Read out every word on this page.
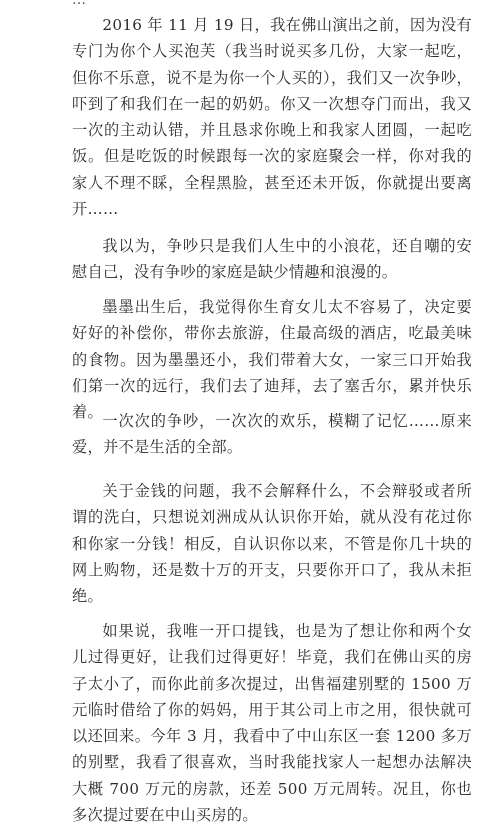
…

2016 年 11 月 19 日，我在佛山演出之前，因为没有专门为你个人买泡芙（我当时说买多几份，大家一起吃，但你不乐意，说不是为你一个人买的），我们又一次争吵，吓到了和我们在一起的奶奶。你又一次想夺门而出，我又一次的主动认错，并且恳求你晚上和我家人团圆，一起吃饭。但是吃饭的时候跟每一次的家庭聚会一样，你对我的家人不理不睬，全程黑脸，甚至还未开饭，你就提出要离开……

我以为，争吵只是我们人生中的小浪花，还自嘲的安慰自己，没有争吵的家庭是缺少情趣和浪漫的。

墨墨出生后，我觉得你生育女儿太不容易了，决定要好好的补偿你，带你去旅游，住最高级的酒店，吃最美味的食物。因为墨墨还小，我们带着大女，一家三口开始我们第一次的远行，我们去了迪拜，去了塞舌尔，累并快乐着。 一次次的争吵，一次次的欢乐，模糊了记忆……原来爱，并不是生活的全部。

关于金钱的问题，我不会解释什么，不会辩驳或者所谓的洗白，只想说刘洲成从认识你开始，就从没有花过你和你家一分钱！相反，自认识你以来，不管是你几十块的网上购物，还是数十万的开支，只要你开口了，我从未拒绝。

如果说，我唯一开口提钱，也是为了想让你和两个女儿过得更好，让我们过得更好！毕竟，我们在佛山买的房子太小了，而你此前多次提过，出售福建别墅的 1500 万元临时借给了你的妈妈，用于其公司上市之用，很快就可以还回来。今年 3 月，我看中了中山东区一套 1200 多万的别墅，我看了很喜欢，当时我能找家人一起想办法解决大概 700 万元的房款，还差 500 万元周转。况且，你也多次提过要在中山买房的。
